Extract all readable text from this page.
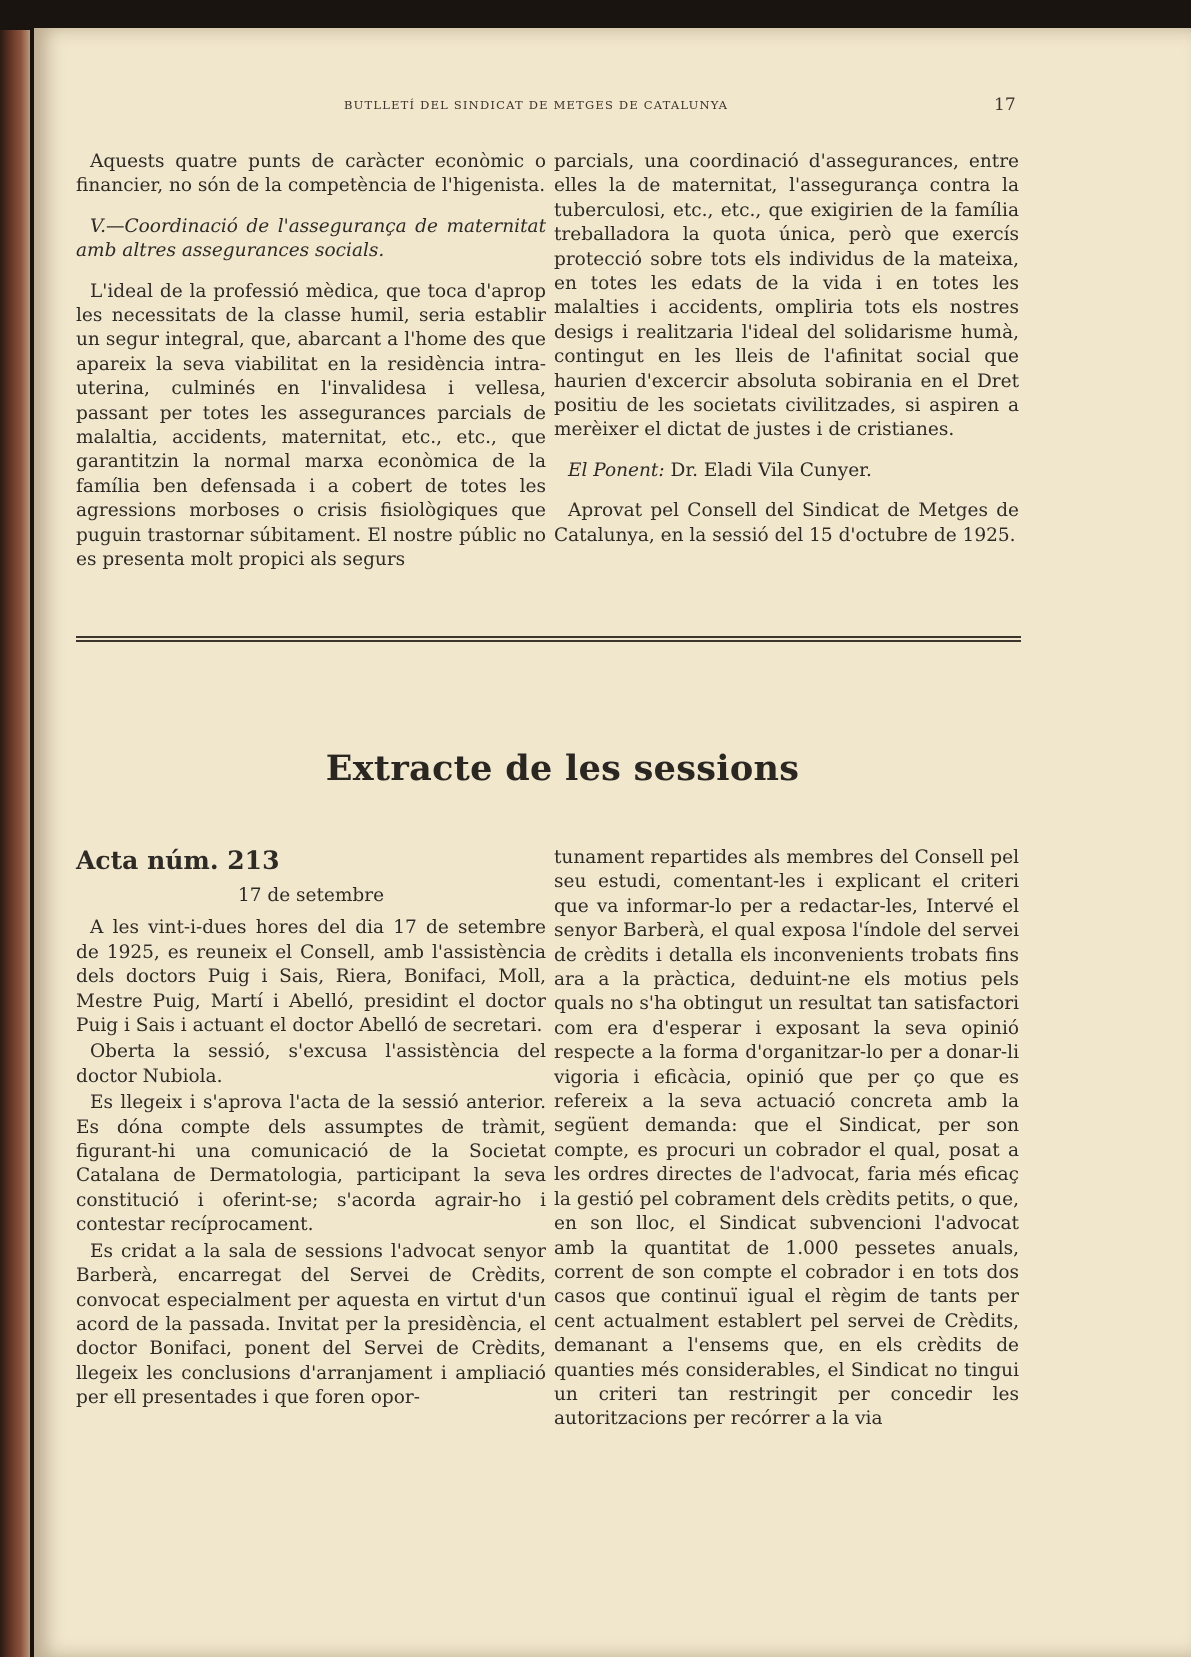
BUTLLETÍ DEL SINDICAT DE METGES DE CATALUNYA	17

Aquests quatre punts de caràcter econòmic o financier, no són de la competència de l'higenista.

V.—Coordinació de l'assegurança de maternitat amb altres assegurances socials.

L'ideal de la professió mèdica, que toca d'aprop les necessitats de la classe humil, seria establir un segur integral, que, abarcant a l'home des que apareix la seva viabilitat en la residència intra-uterina, culminés en l'invalidesa i vellesa, passant per totes les assegurances parcials de malaltia, accidents, maternitat, etc., etc., que garantitzin la normal marxa econòmica de la família ben defensada i a cobert de totes les agressions morboses o crisis fisiològiques que puguin trastornar súbitament. El nostre públic no es presenta molt propici als segurs

parcials, una coordinació d'assegurances, entre elles la de maternitat, l'assegurança contra la tuberculosi, etc., etc., que exigirien de la família treballadora la quota única, però que exercís protecció sobre tots els individus de la mateixa, en totes les edats de la vida i en totes les malalties i accidents, ompliria tots els nostres desigs i realitzaria l'ideal del solidarisme humà, contingut en les lleis de l'afinitat social que haurien d'excercir absoluta sobirania en el Dret positiu de les societats civilitzades, si aspiren a merèixer el dictat de justes i de cristianes.

El Ponent: Dr. Eladi Vila Cunyer.

Aprovat pel Consell del Sindicat de Metges de Catalunya, en la sessió del 15 d'octubre de 1925.

Extracte de les sessions

Acta núm. 213

17 de setembre

A les vint-i-dues hores del dia 17 de setembre de 1925, es reuneix el Consell, amb l'assistència dels doctors Puig i Sais, Riera, Bonifaci, Moll, Mestre Puig, Martí i Abelló, presidint el doctor Puig i Sais i actuant el doctor Abelló de secretari.

Oberta la sessió, s'excusa l'assistència del doctor Nubiola.

Es llegeix i s'aprova l'acta de la sessió anterior. Es dóna compte dels assumptes de tràmit, figurant-hi una comunicació de la Societat Catalana de Dermatologia, participant la seva constitució i oferint-se; s'acorda agrair-ho i contestar recíprocament.

Es cridat a la sala de sessions l'advocat senyor Barberà, encarregat del Servei de Crèdits, convocat especialment per aquesta en virtut d'un acord de la passada. Invitat per la presidència, el doctor Bonifaci, ponent del Servei de Crèdits, llegeix les conclusions d'arranjament i ampliació per ell presentades i que foren opor-

tunament repartides als membres del Consell pel seu estudi, comentant-les i explicant el criteri que va informar-lo per a redactar-les, Intervé el senyor Barberà, el qual exposa l'índole del servei de crèdits i detalla els inconvenients trobats fins ara a la pràctica, deduint-ne els motius pels quals no s'ha obtingut un resultat tan satisfactori com era d'esperar i exposant la seva opinió respecte a la forma d'organitzar-lo per a donar-li vigoria i eficàcia, opinió que per ço que es refereix a la seva actuació concreta amb la següent demanda: que el Sindicat, per son compte, es procuri un cobrador el qual, posat a les ordres directes de l'advocat, faria més eficaç la gestió pel cobrament dels crèdits petits, o que, en son lloc, el Sindicat subvencioni l'advocat amb la quantitat de 1.000 pessetes anuals, corrent de son compte el cobrador i en tots dos casos que continuï igual el règim de tants per cent actualment establert pel servei de Crèdits, demanant a l'ensems que, en els crèdits de quanties més considerables, el Sindicat no tingui un criteri tan restringit per concedir les autoritzacions per recórrer a la via
